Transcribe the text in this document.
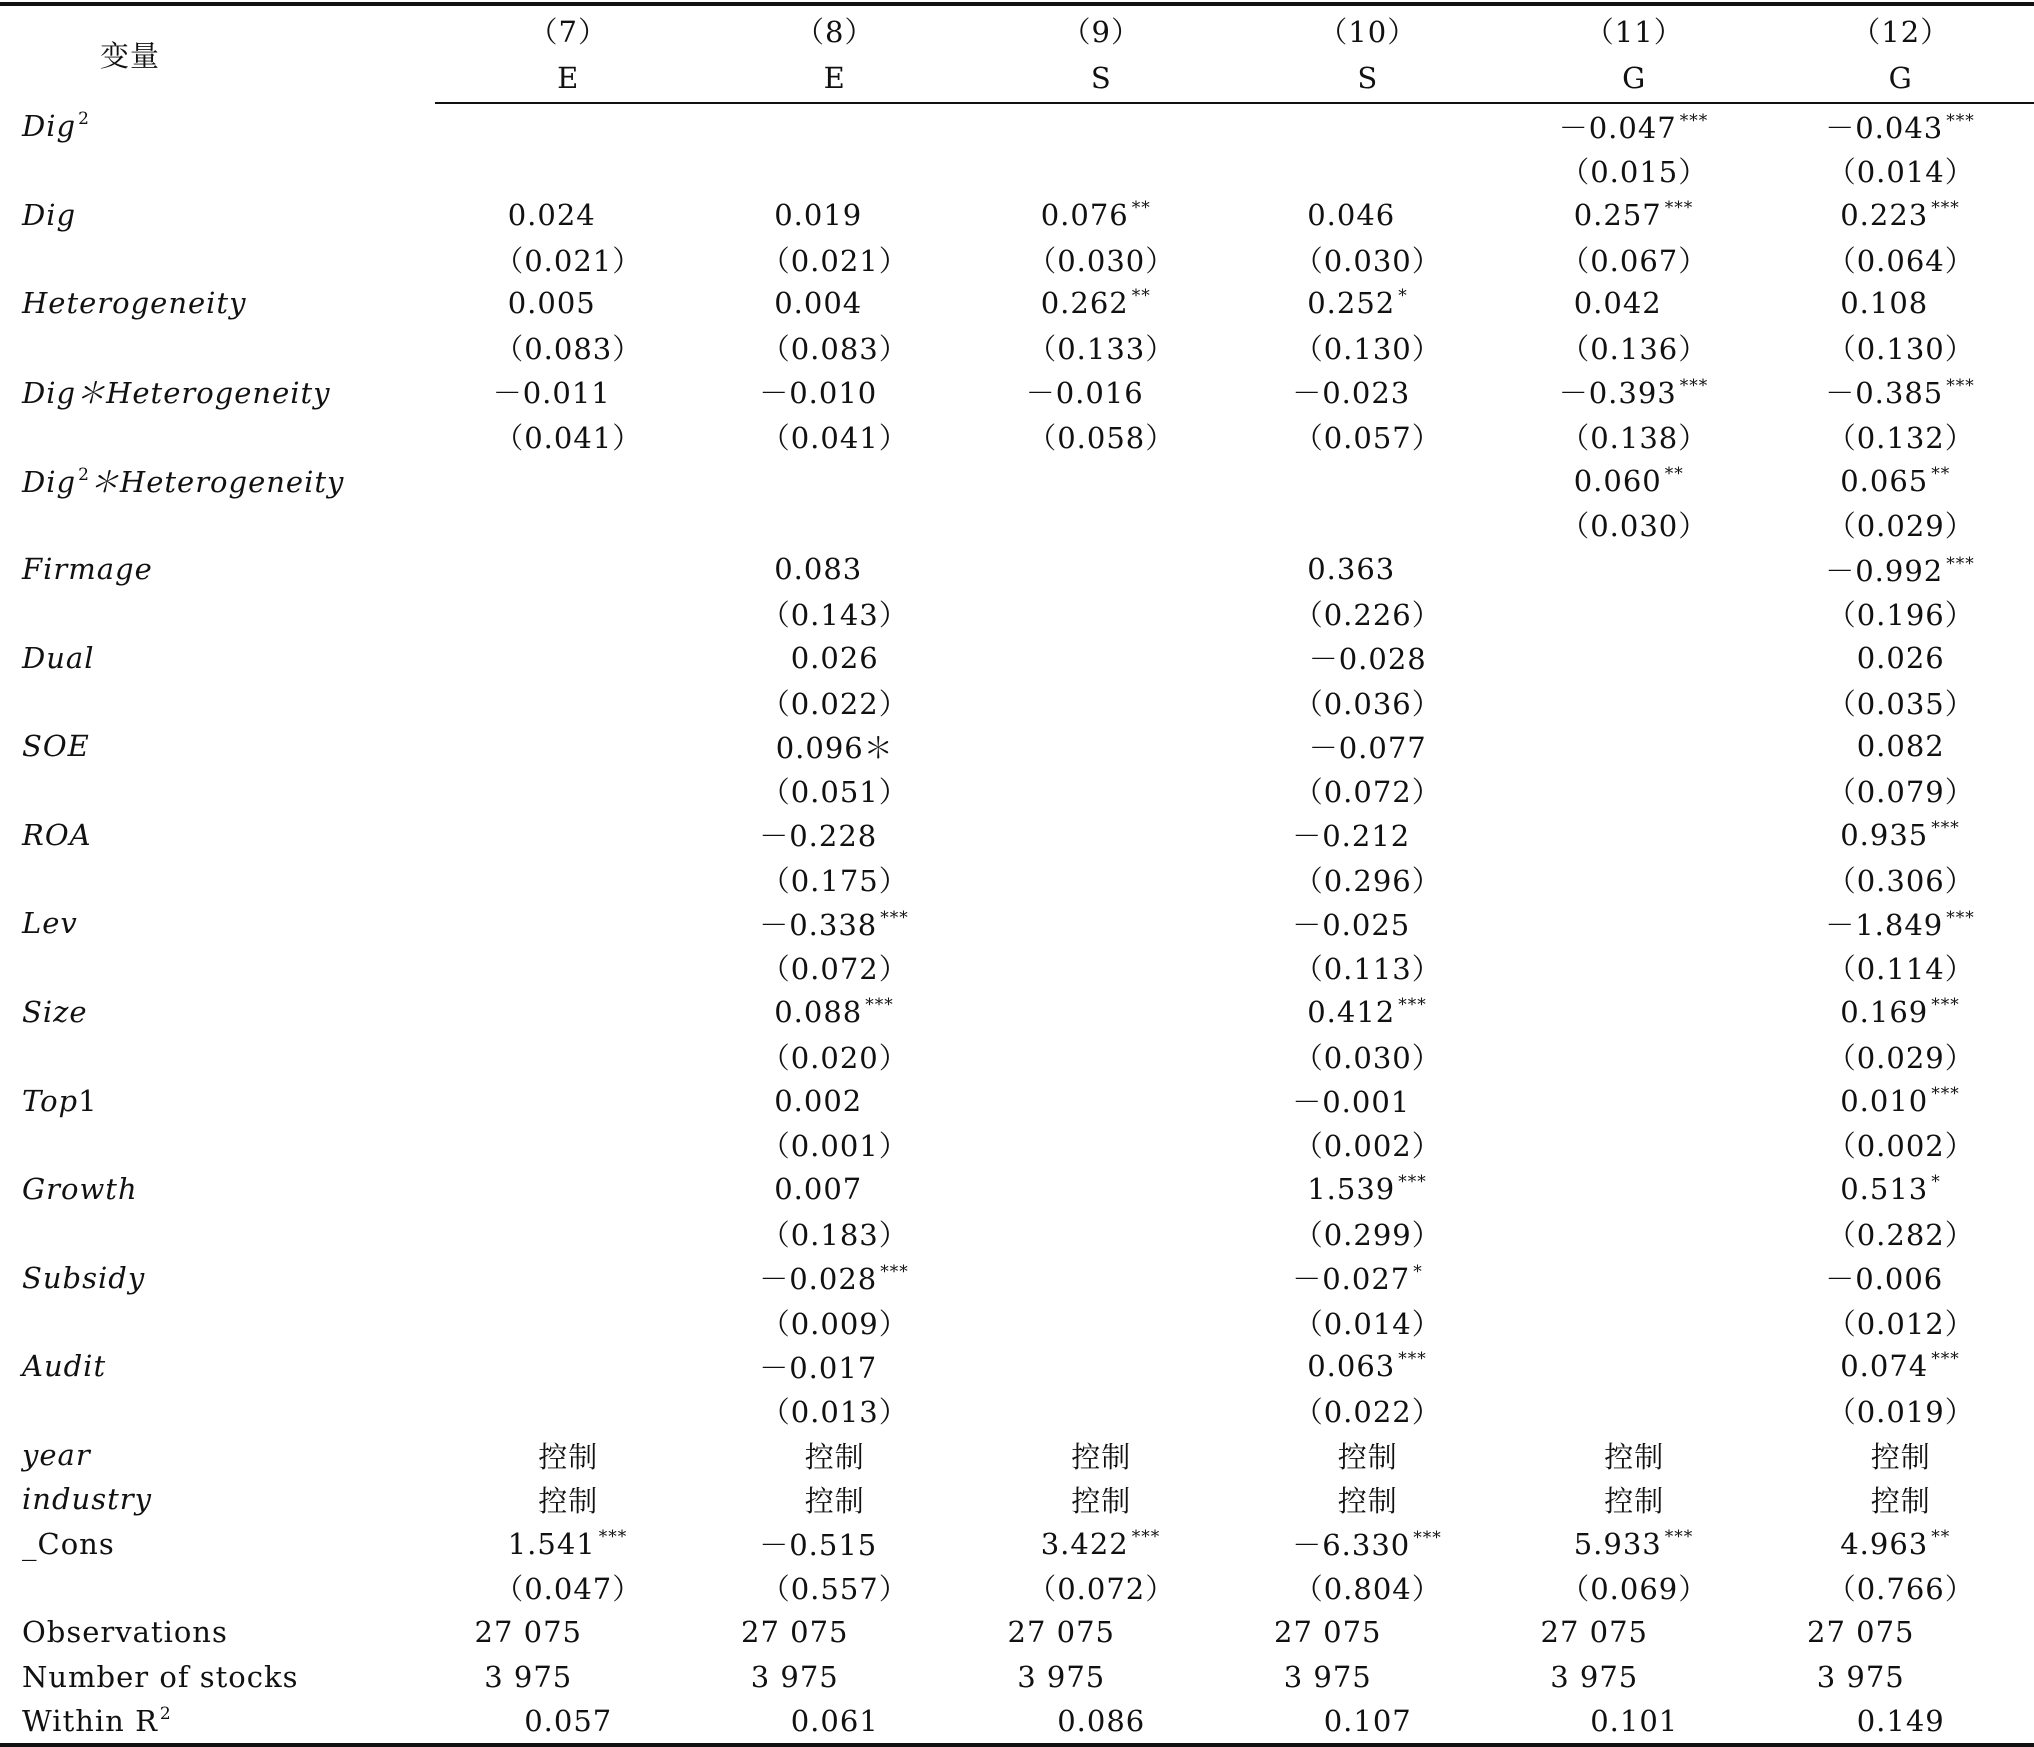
变量	（7）	（8）	（9）	（10）	（11）	（12）
	E	E	S	S	G	G
Dig $^2$					－0.047 ***	－0.043 ***
					（0.015）	（0.014）
Dig	0.024	0.019	0.076 **	0.046	0.257 ***	0.223 ***
	（0.021）	（0.021）	（0.030）	（0.030）	（0.067）	（0.064）
Heterogeneity	0.005	0.004	0.262 **	0.252 *	0.042	0.108
	（0.083）	（0.083）	（0.133）	（0.130）	（0.136）	（0.130）
Dig＊Heterogeneity	－0.011	－0.010	－0.016	－0.023	－0.393 ***	－0.385 ***
	（0.041）	（0.041）	（0.058）	（0.057）	（0.138）	（0.132）
Dig $^2$＊Heterogeneity					0.060 **	0.065 **
					（0.030）	（0.029）
Firmage		0.083		0.363		－0.992 ***
		（0.143）		（0.226）		（0.196）
Dual		0.026		－0.028		0.026
		（0.022）		（0.036）		（0.035）
SOE		0.096＊		－0.077		0.082
		（0.051）		（0.072）		（0.079）
ROA		－0.228		－0.212		0.935 ***
		（0.175）		（0.296）		（0.306）
Lev		－0.338 ***		－0.025		－1.849 ***
		（0.072）		（0.113）		（0.114）
Size		0.088 ***		0.412 ***		0.169 ***
		（0.020）		（0.030）		（0.029）
Top1		0.002		－0.001		0.010 ***
		（0.001）		（0.002）		（0.002）
Growth		0.007		1.539 ***		0.513 *
		（0.183）		（0.299）		（0.282）
Subsidy		－0.028 ***		－0.027 *		－0.006
		（0.009）		（0.014）		（0.012）
Audit		－0.017		0.063 ***		0.074 ***
		（0.013）		（0.022）		（0.019）
year	控制	控制	控制	控制	控制	控制
industry	控制	控制	控制	控制	控制	控制
_Cons	1.541 ***	－0.515	3.422 ***	－6.330 ***	5.933 ***	4.963 **
	（0.047）	（0.557）	（0.072）	（0.804）	（0.069）	（0.766）
Observations	27 075	27 075	27 075	27 075	27 075	27 075
Number of stocks	3 975	3 975	3 975	3 975	3 975	3 975
Within R $^2$	0.057	0.061	0.086	0.107	0.101	0.149
